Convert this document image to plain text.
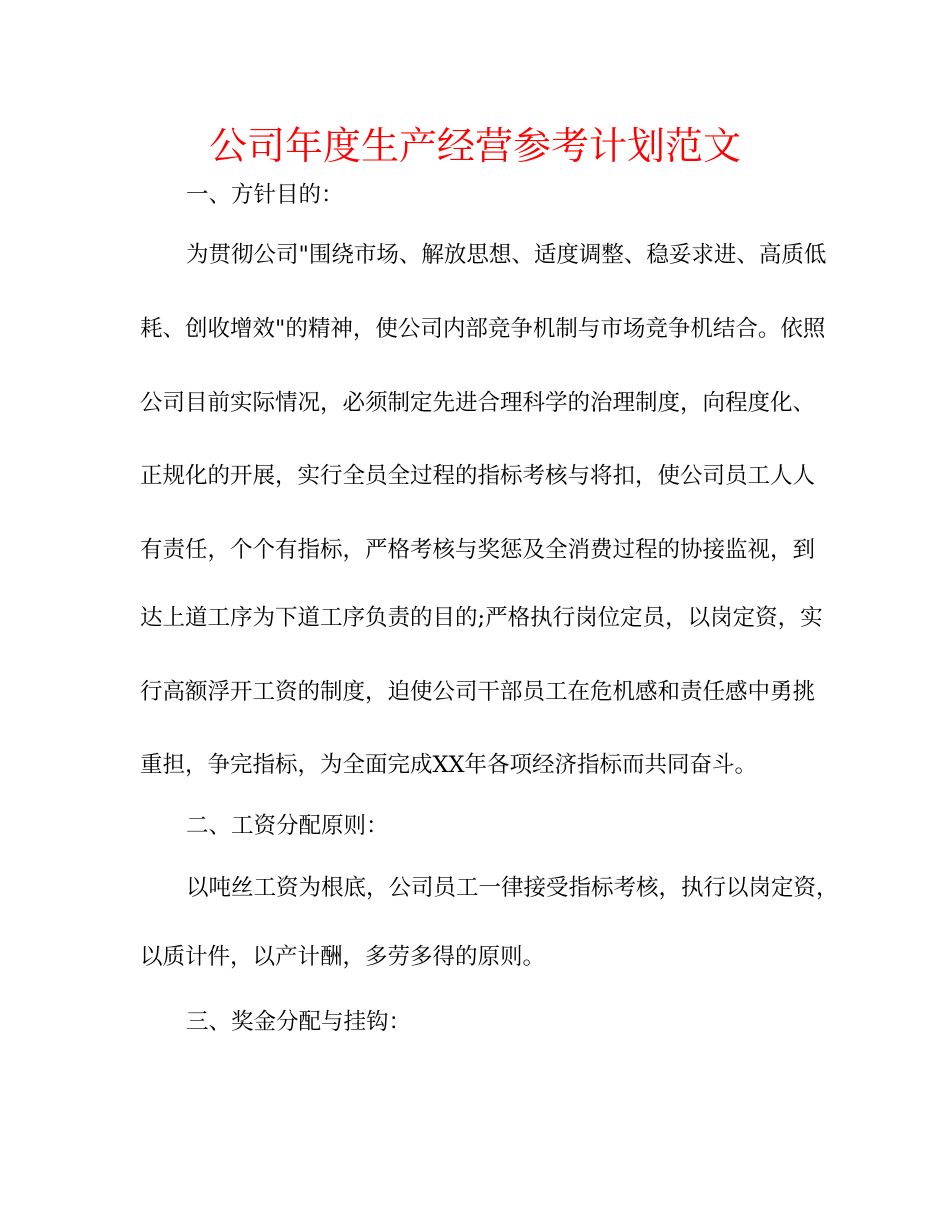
公司年度生产经营参考计划范文

一、方针目的：

为贯彻公司"围绕市场、解放思想、适度调整、稳妥求进、高质低

耗、创收增效"的精神，使公司内部竞争机制与市场竞争机结合。依照

公司目前实际情况，必须制定先进合理科学的治理制度，向程度化、

正规化的开展，实行全员全过程的指标考核与将扣，使公司员工人人

有责任，个个有指标，严格考核与奖惩及全消费过程的协接监视，到

达上道工序为下道工序负责的目的;严格执行岗位定员，以岗定资，实

行高额浮开工资的制度，迫使公司干部员工在危机感和责任感中勇挑

重担，争完指标，为全面完成XX年各项经济指标而共同奋斗。

二、工资分配原则：

以吨丝工资为根底，公司员工一律接受指标考核，执行以岗定资，

以质计件，以产计酬，多劳多得的原则。

三、奖金分配与挂钩：
